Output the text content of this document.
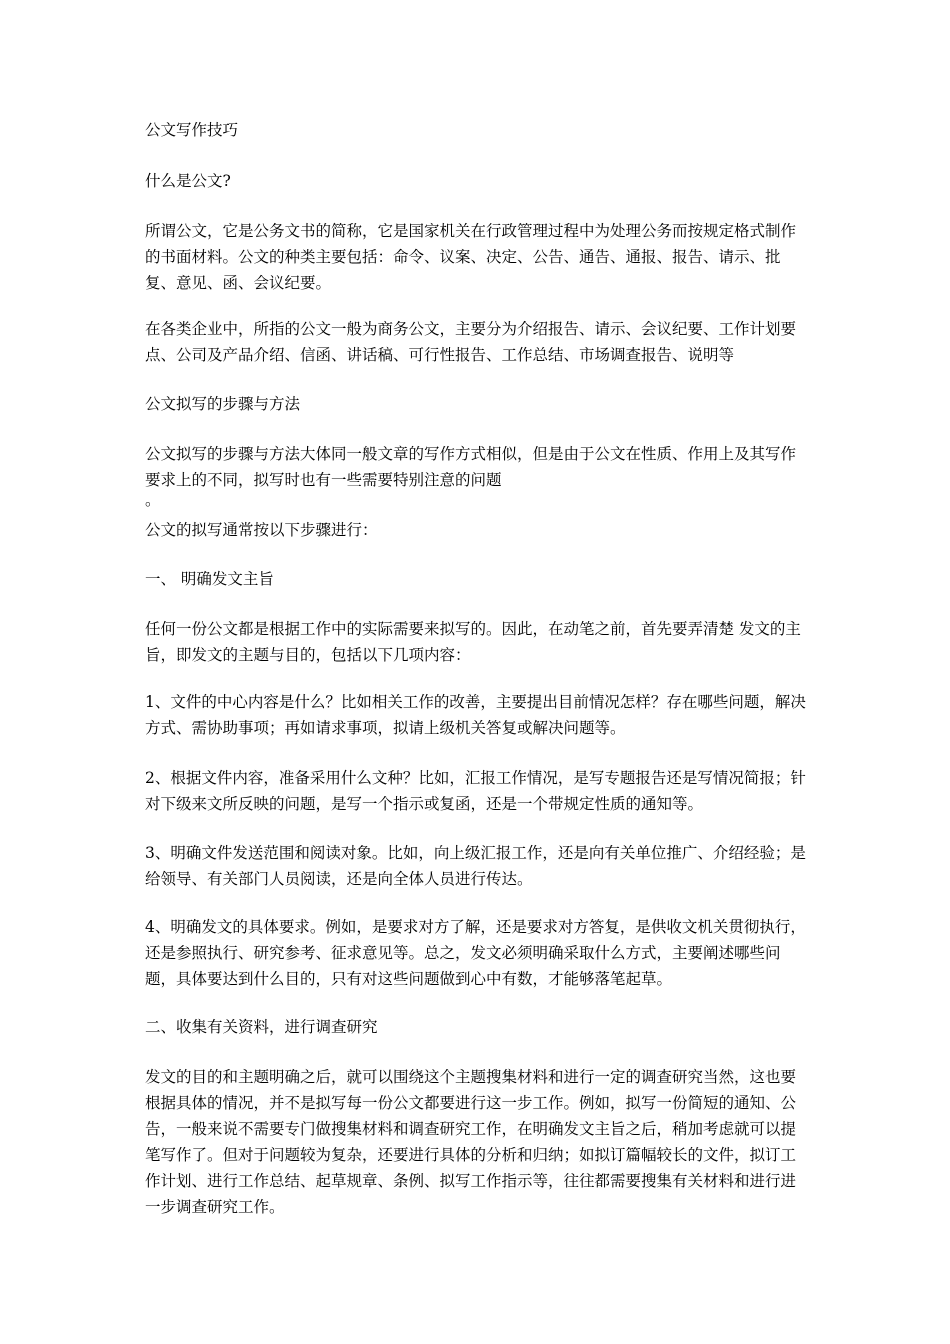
公文写作技巧
什么是公文?
所谓公文，它是公务文书的简称，它是国家机关在行政管理过程中为处理公务而按规定格式制作的书面材料。公文的种类主要包括：命令、议案、决定、公告、通告、通报、报告、请示、批复、意见、函、会议纪要。
在各类企业中，所指的公文一般为商务公文，主要分为介绍报告、请示、会议纪要、工作计划要点、公司及产品介绍、信函、讲话稿、可行性报告、工作总结、市场调查报告、说明等
公文拟写的步骤与方法
公文拟写的步骤与方法大体同一般文章的写作方式相似，但是由于公文在性质、作用上及其写作要求上的不同，拟写时也有一些需要特别注意的问题
。
公文的拟写通常按以下步骤进行：
一、 明确发文主旨
任何一份公文都是根据工作中的实际需要来拟写的。因此，在动笔之前，首先要弄清楚 发文的主旨，即发文的主题与目的，包括以下几项内容：
1、文件的中心内容是什么？比如相关工作的改善，主要提出目前情况怎样？存在哪些问题，解决方式、需协助事项；再如请求事项，拟请上级机关答复或解决问题等。
2、根据文件内容，准备采用什么文种？比如，汇报工作情况，是写专题报告还是写情况简报；针对下级来文所反映的问题，是写一个指示或复函，还是一个带规定性质的通知等。
3、明确文件发送范围和阅读对象。比如，向上级汇报工作，还是向有关单位推广、介绍经验；是给领导、有关部门人员阅读，还是向全体人员进行传达。
4、明确发文的具体要求。例如，是要求对方了解，还是要求对方答复，是供收文机关贯彻执行，还是参照执行、研究参考、征求意见等。总之，发文必须明确采取什么方式，主要阐述哪些问题，具体要达到什么目的，只有对这些问题做到心中有数，才能够落笔起草。
二、收集有关资料，进行调查研究
发文的目的和主题明确之后，就可以围绕这个主题搜集材料和进行一定的调查研究当然，这也要根据具体的情况，并不是拟写每一份公文都要进行这一步工作。例如，拟写一份简短的通知、公告，一般来说不需要专门做搜集材料和调查研究工作，在明确发文主旨之后，稍加考虑就可以提笔写作了。但对于问题较为复杂，还要进行具体的分析和归纳；如拟订篇幅较长的文件，拟订工作计划、进行工作总结、起草规章、条例、拟写工作指示等，往往都需要搜集有关材料和进行进一步调查研究工作。
